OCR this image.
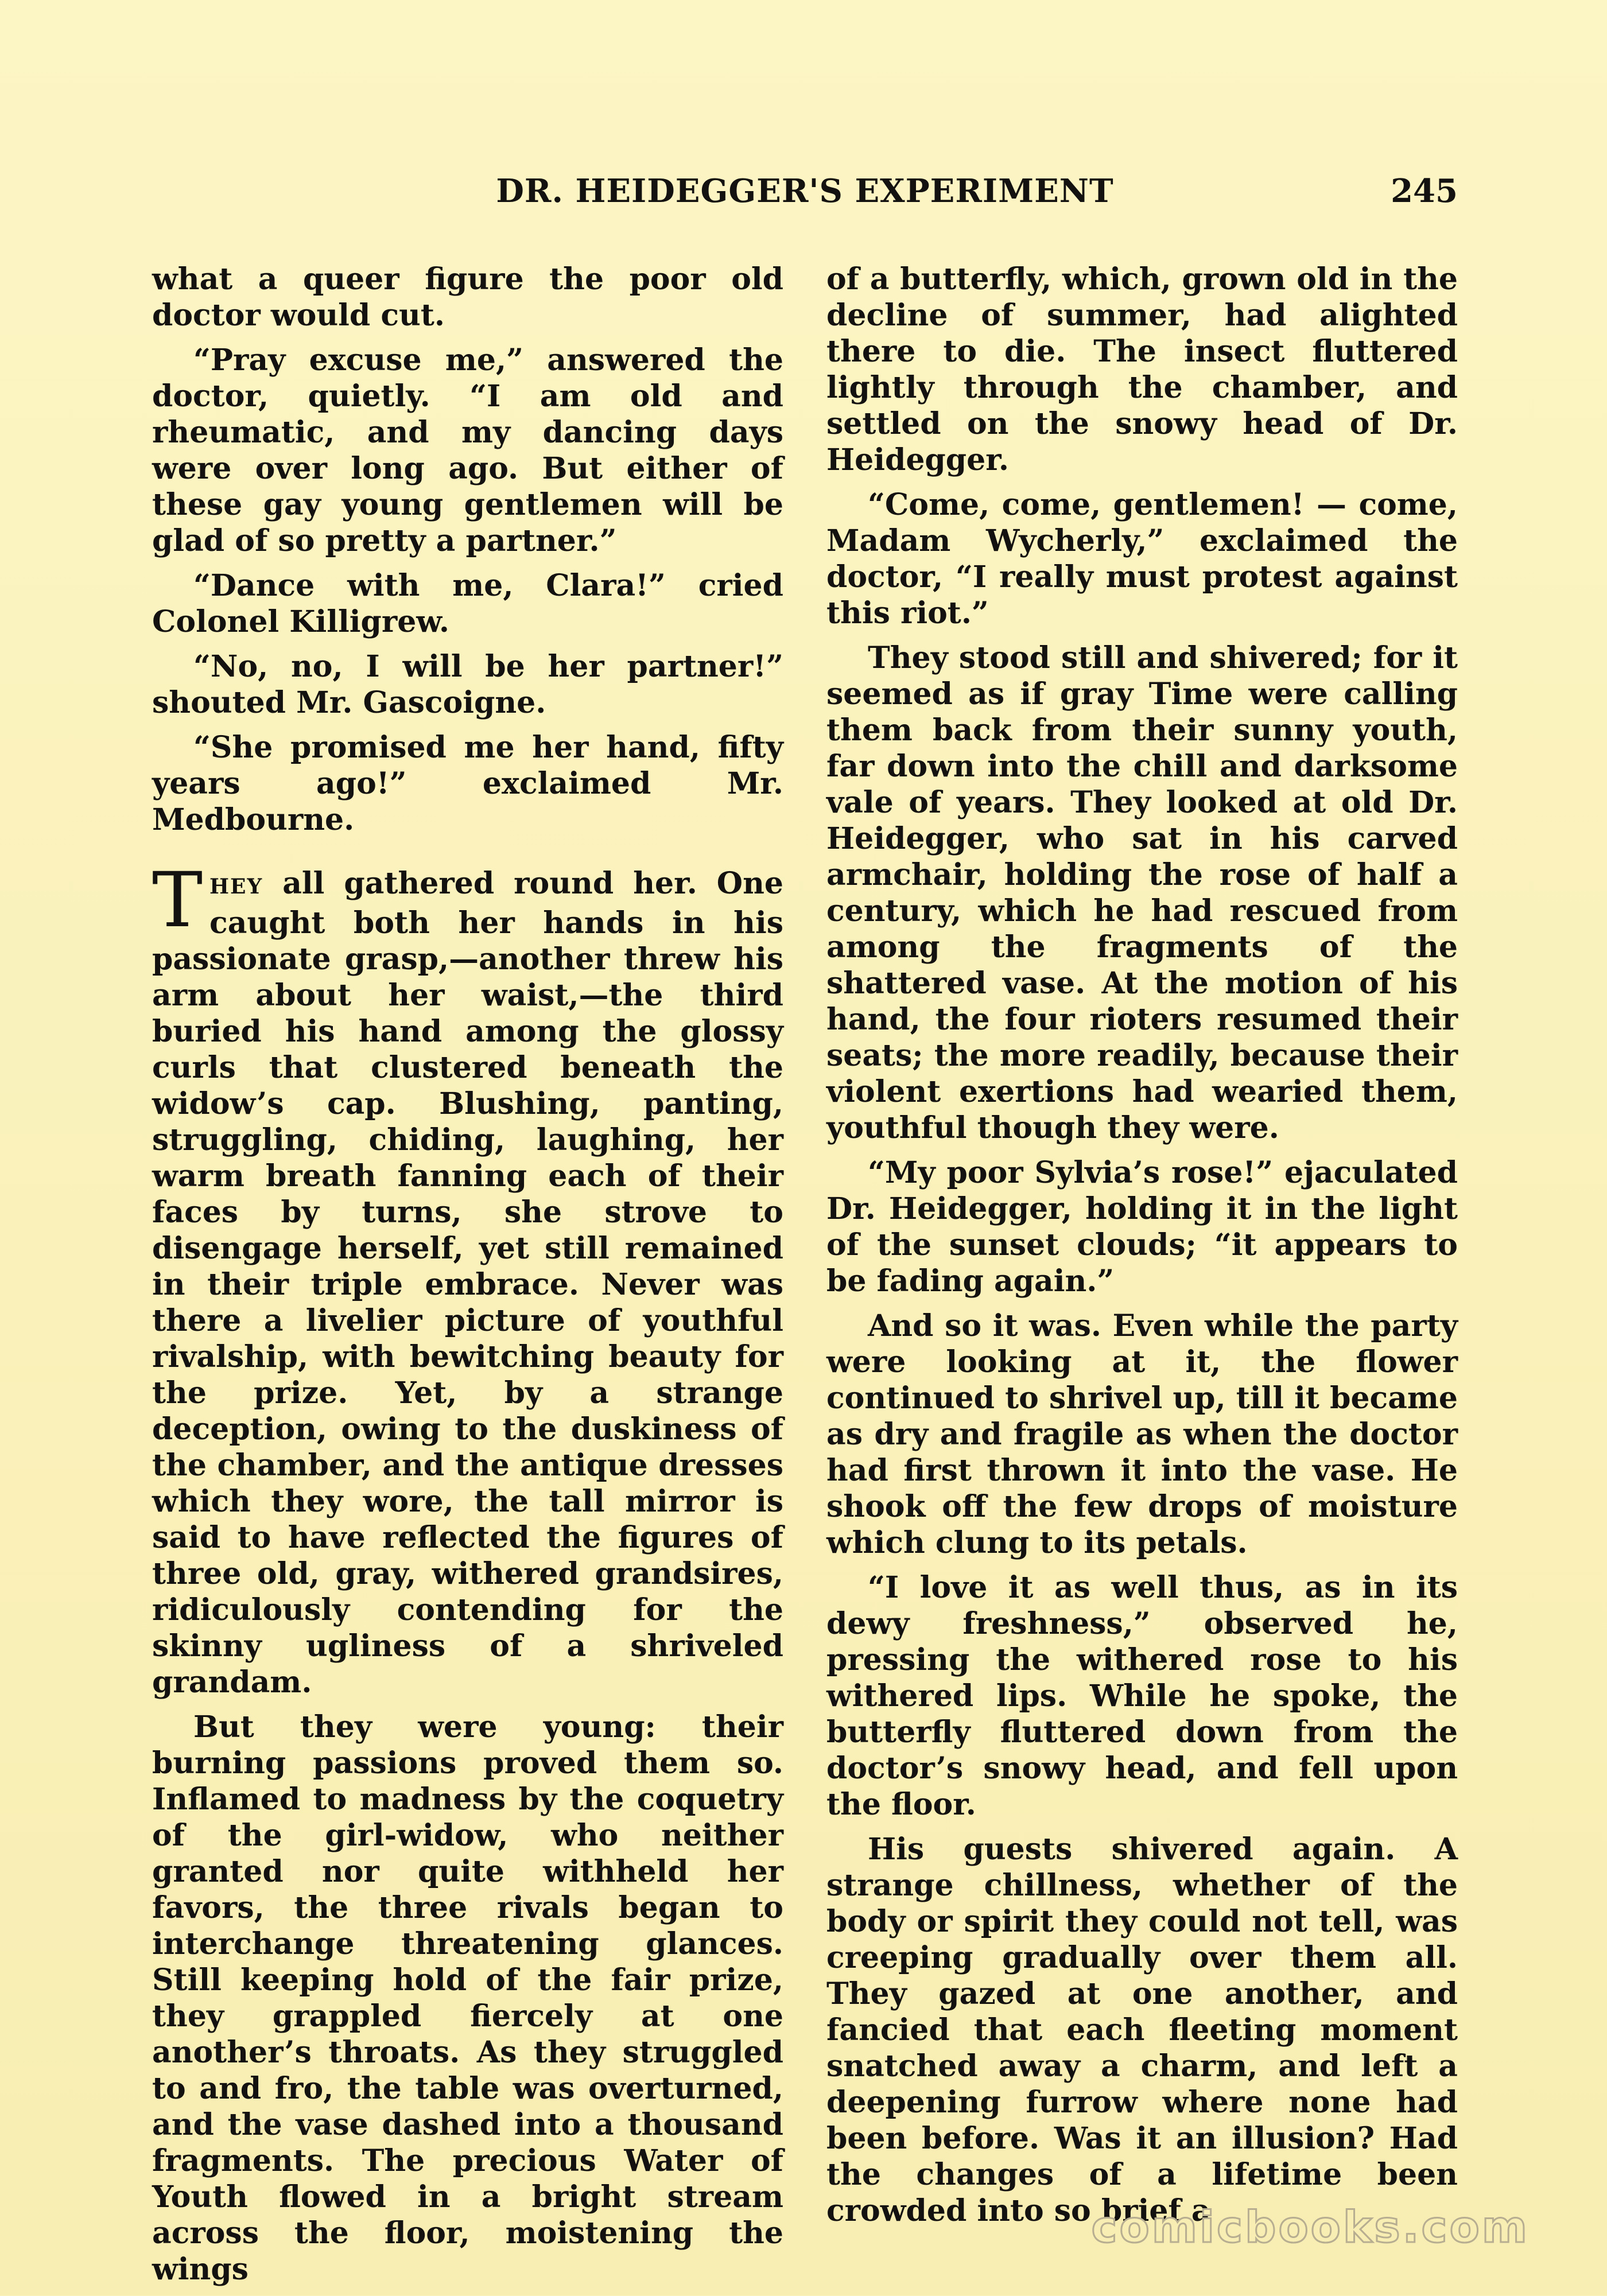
DR. HEIDEGGER'S EXPERIMENT	245

what a queer figure the poor old doctor would cut.

“Pray excuse me,” answered the doctor, quietly. “I am old and rheumatic, and my dancing days were over long ago. But either of these gay young gentlemen will be glad of so pretty a partner.”

“Dance with me, Clara!” cried Colonel Killigrew.

“No, no, I will be her partner!” shouted Mr. Gascoigne.

“She promised me her hand, fifty years ago!” exclaimed Mr. Medbourne.

THEY all gathered round her. One caught both her hands in his passionate grasp,—another threw his arm about her waist,—the third buried his hand among the glossy curls that clustered beneath the widow’s cap. Blushing, panting, struggling, chiding, laughing, her warm breath fanning each of their faces by turns, she strove to disengage herself, yet still remained in their triple embrace. Never was there a livelier picture of youthful rivalship, with bewitching beauty for the prize. Yet, by a strange deception, owing to the duskiness of the chamber, and the antique dresses which they wore, the tall mirror is said to have reflected the figures of three old, gray, withered grandsires, ridiculously contending for the skinny ugliness of a shriveled grandam.

But they were young: their burning passions proved them so. Inflamed to madness by the coquetry of the girl-widow, who neither granted nor quite withheld her favors, the three rivals began to interchange threatening glances. Still keeping hold of the fair prize, they grappled fiercely at one another’s throats. As they struggled to and fro, the table was overturned, and the vase dashed into a thousand fragments. The precious Water of Youth flowed in a bright stream across the floor, moistening the wings

of a butterfly, which, grown old in the decline of summer, had alighted there to die. The insect fluttered lightly through the chamber, and settled on the snowy head of Dr. Heidegger.

“Come, come, gentlemen! — come, Madam Wycherly,” exclaimed the doctor, “I really must protest against this riot.”

They stood still and shivered; for it seemed as if gray Time were calling them back from their sunny youth, far down into the chill and darksome vale of years. They looked at old Dr. Heidegger, who sat in his carved armchair, holding the rose of half a century, which he had rescued from among the fragments of the shattered vase. At the motion of his hand, the four rioters resumed their seats; the more readily, because their violent exertions had wearied them, youthful though they were.

“My poor Sylvia’s rose!” ejaculated Dr. Heidegger, holding it in the light of the sunset clouds; “it appears to be fading again.”

And so it was. Even while the party were looking at it, the flower continued to shrivel up, till it became as dry and fragile as when the doctor had first thrown it into the vase. He shook off the few drops of moisture which clung to its petals.

“I love it as well thus, as in its dewy freshness,” observed he, pressing the withered rose to his withered lips. While he spoke, the butterfly fluttered down from the doctor’s snowy head, and fell upon the floor.

His guests shivered again. A strange chillness, whether of the body or spirit they could not tell, was creeping gradually over them all. They gazed at one another, and fancied that each fleeting moment snatched away a charm, and left a deepening furrow where none had been before. Was it an illusion? Had the changes of a lifetime been crowded into so brief a

comicbooks.com
